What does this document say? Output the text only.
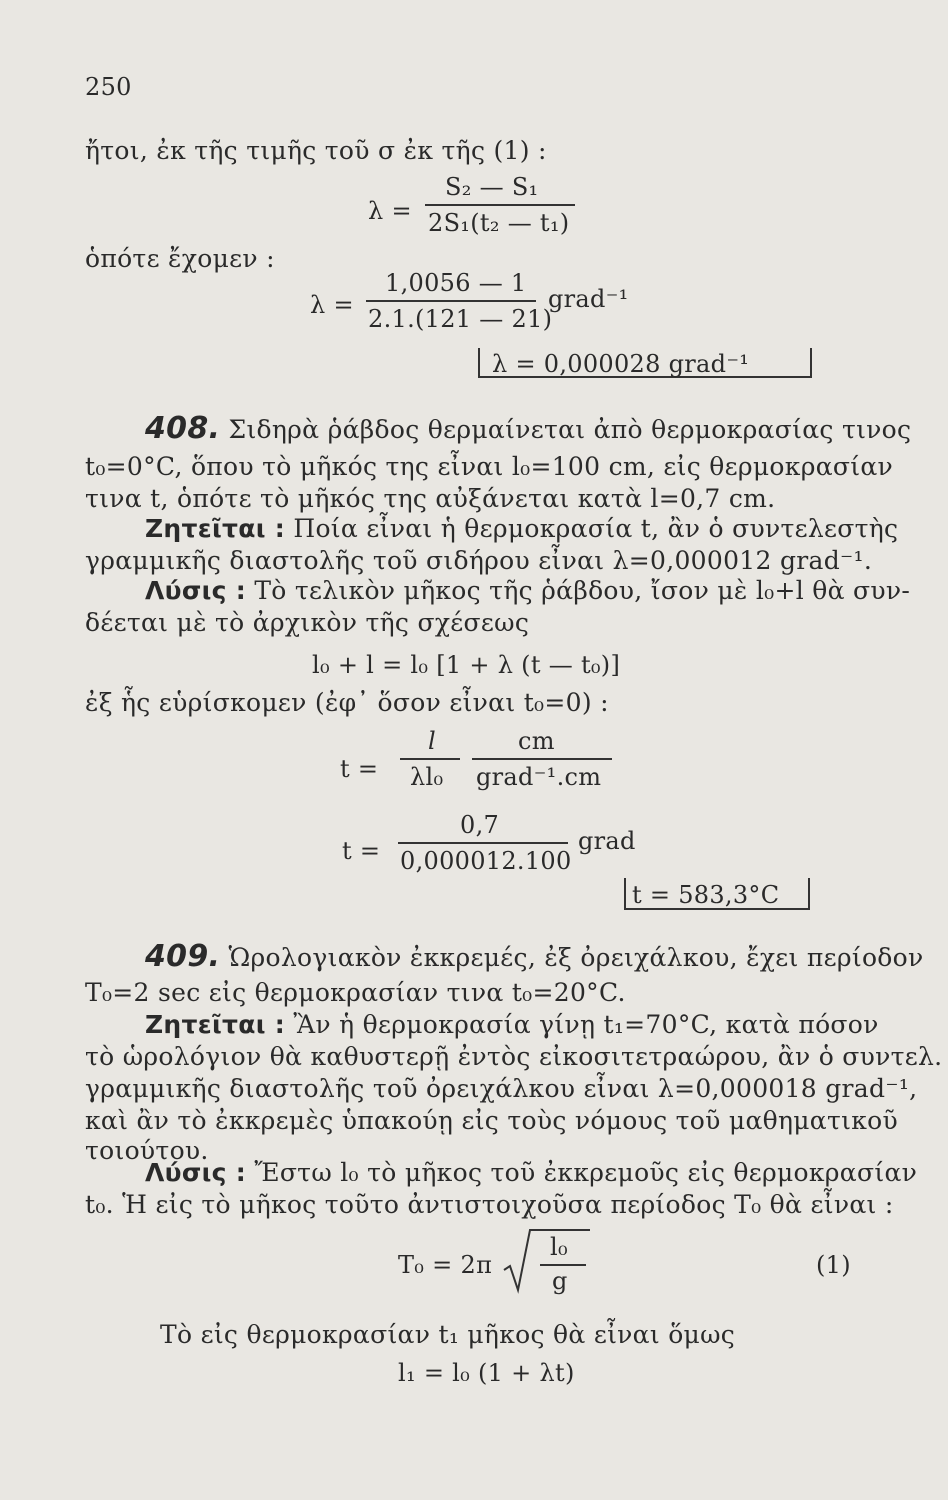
250
ἤτοι, ἐκ τῆς τιμῆς τοῦ σ ἐκ τῆς (1) :
λ =
S₂ — S₁
2S₁(t₂ — t₁)
ὁπότε ἔχομεν :
λ =
1,0056 — 1
2.1.(121 — 21)
grad⁻¹
λ = 0,000028 grad⁻¹
408. Σιδηρὰ ῥάβδος θερμαίνεται ἀπὸ θερμοκρασίας τινος
t₀=0°C, ὅπου τὸ μῆκός της εἶναι l₀=100 cm, εἰς θερμοκρασίαν
τινα t, ὁπότε τὸ μῆκός της αὐξάνεται κατὰ l=0,7 cm.
Ζητεῖται : Ποία εἶναι ἡ θερμοκρασία t, ἂν ὁ συντελεστὴς
γραμμικῆς διαστολῆς τοῦ σιδήρου εἶναι λ=0,000012 grad⁻¹.
Λύσις : Τὸ τελικὸν μῆκος τῆς ῥάβδου, ἴσον μὲ l₀+l θὰ συν-
δέεται μὲ τὸ ἀρχικὸν τῆς σχέσεως
l₀ + l = l₀ [1 + λ (t — t₀)]
ἐξ ἧς εὑρίσκομεν (ἐφ᾽ ὅσον εἶναι t₀=0) :
t =
l
λl₀
cm
grad⁻¹.cm
t =
0,7
0,000012.100
grad
t = 583,3°C
409. Ὡρολογιακὸν ἐκκρεμές, ἐξ ὀρειχάλκου, ἔχει περίοδον
T₀=2 sec εἰς θερμοκρασίαν τινα t₀=20°C.
Ζητεῖται : Ἂν ἡ θερμοκρασία γίνῃ t₁=70°C, κατὰ πόσον
τὸ ὡρολόγιον θὰ καθυστερῇ ἐντὸς εἰκοσιτετραώρου, ἂν ὁ συντελ.
γραμμικῆς διαστολῆς τοῦ ὀρειχάλκου εἶναι λ=0,000018 grad⁻¹,
καὶ ἂν τὸ ἐκκρεμὲς ὑπακούῃ εἰς τοὺς νόμους τοῦ μαθηματικοῦ
τοιούτου.
Λύσις : Ἔστω l₀ τὸ μῆκος τοῦ ἐκκρεμοῦς εἰς θερμοκρασίαν
t₀. Ἡ εἰς τὸ μῆκος τοῦτο ἀντιστοιχοῦσα περίοδος T₀ θὰ εἶναι :
T₀ = 2π
l₀
g
(1)
Τὸ εἰς θερμοκρασίαν t₁ μῆκος θὰ εἶναι ὅμως
l₁ = l₀ (1 + λt)
